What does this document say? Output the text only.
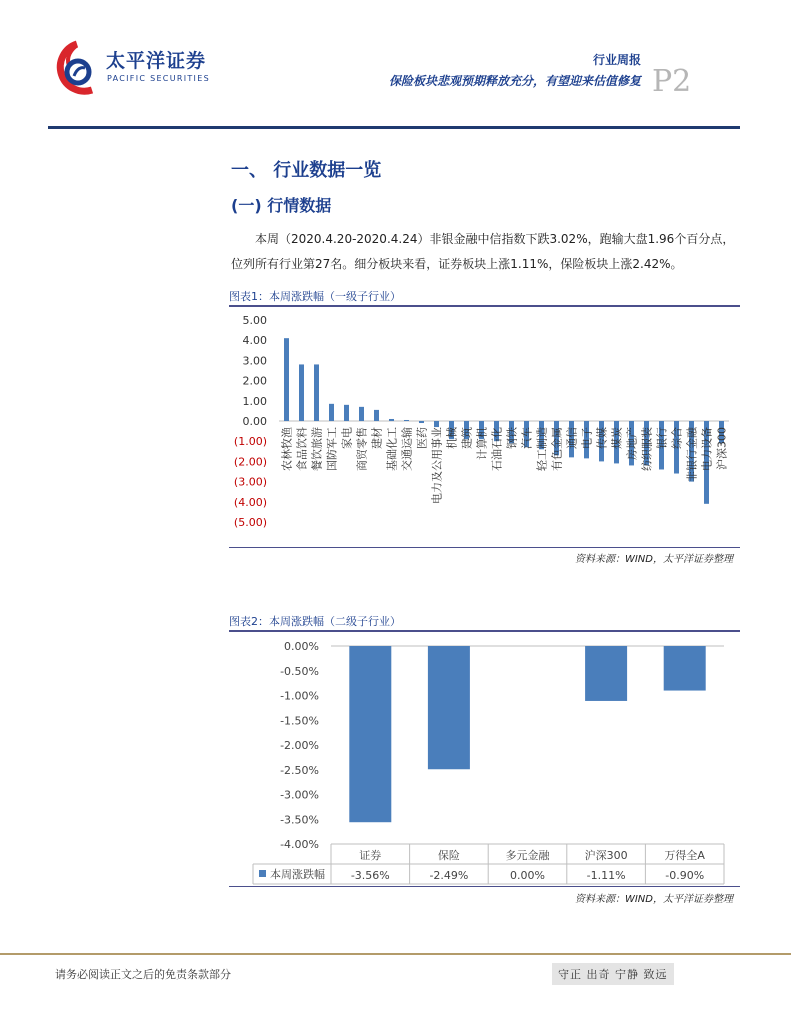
太平洋证券
PACIFIC SECURITIES
行业周报
保险板块悲观预期释放充分，有望迎来估值修复 P2
一、 行业数据一览
(一) 行情数据
本周（2020.4.20-2020.4.24）非银金融中信指数下跌3.02%，跑输大盘1.96个百分点，位列所有行业第27名。细分板块来看，证券板块上涨1.11%，保险板块上涨2.42%。
图表1：本周涨跌幅（一级子行业）
5.00
4.00
3.00
2.00
1.00
0.00
(1.00)
(2.00)
(3.00)
(4.00)
(5.00)
农林牧渔 食品饮料 餐饮旅游 国防军工 家电 商贸零售 建材 基础化工 交通运输 医药 电力及公用事业 机械 建筑 计算机 石油石化 钢铁 汽车 轻工制造 有色金属 通信 电子 传媒 煤炭 房地产 纺织服装 银行 综合 非银行金融 电力设备 沪深300
资料来源：WIND，太平洋证券整理
图表2：本周涨跌幅（二级子行业）
0.00%
-0.50%
-1.00%
-1.50%
-2.00%
-2.50%
-3.00%
-3.50%
-4.00%
证券	保险	多元金融	沪深300	万得全A
本周涨跌幅 -3.56%	-2.49%	0.00%	-1.11%	-0.90%
资料来源：WIND，太平洋证券整理
请务必阅读正文之后的免责条款部分	守正 出奇 宁静 致远
